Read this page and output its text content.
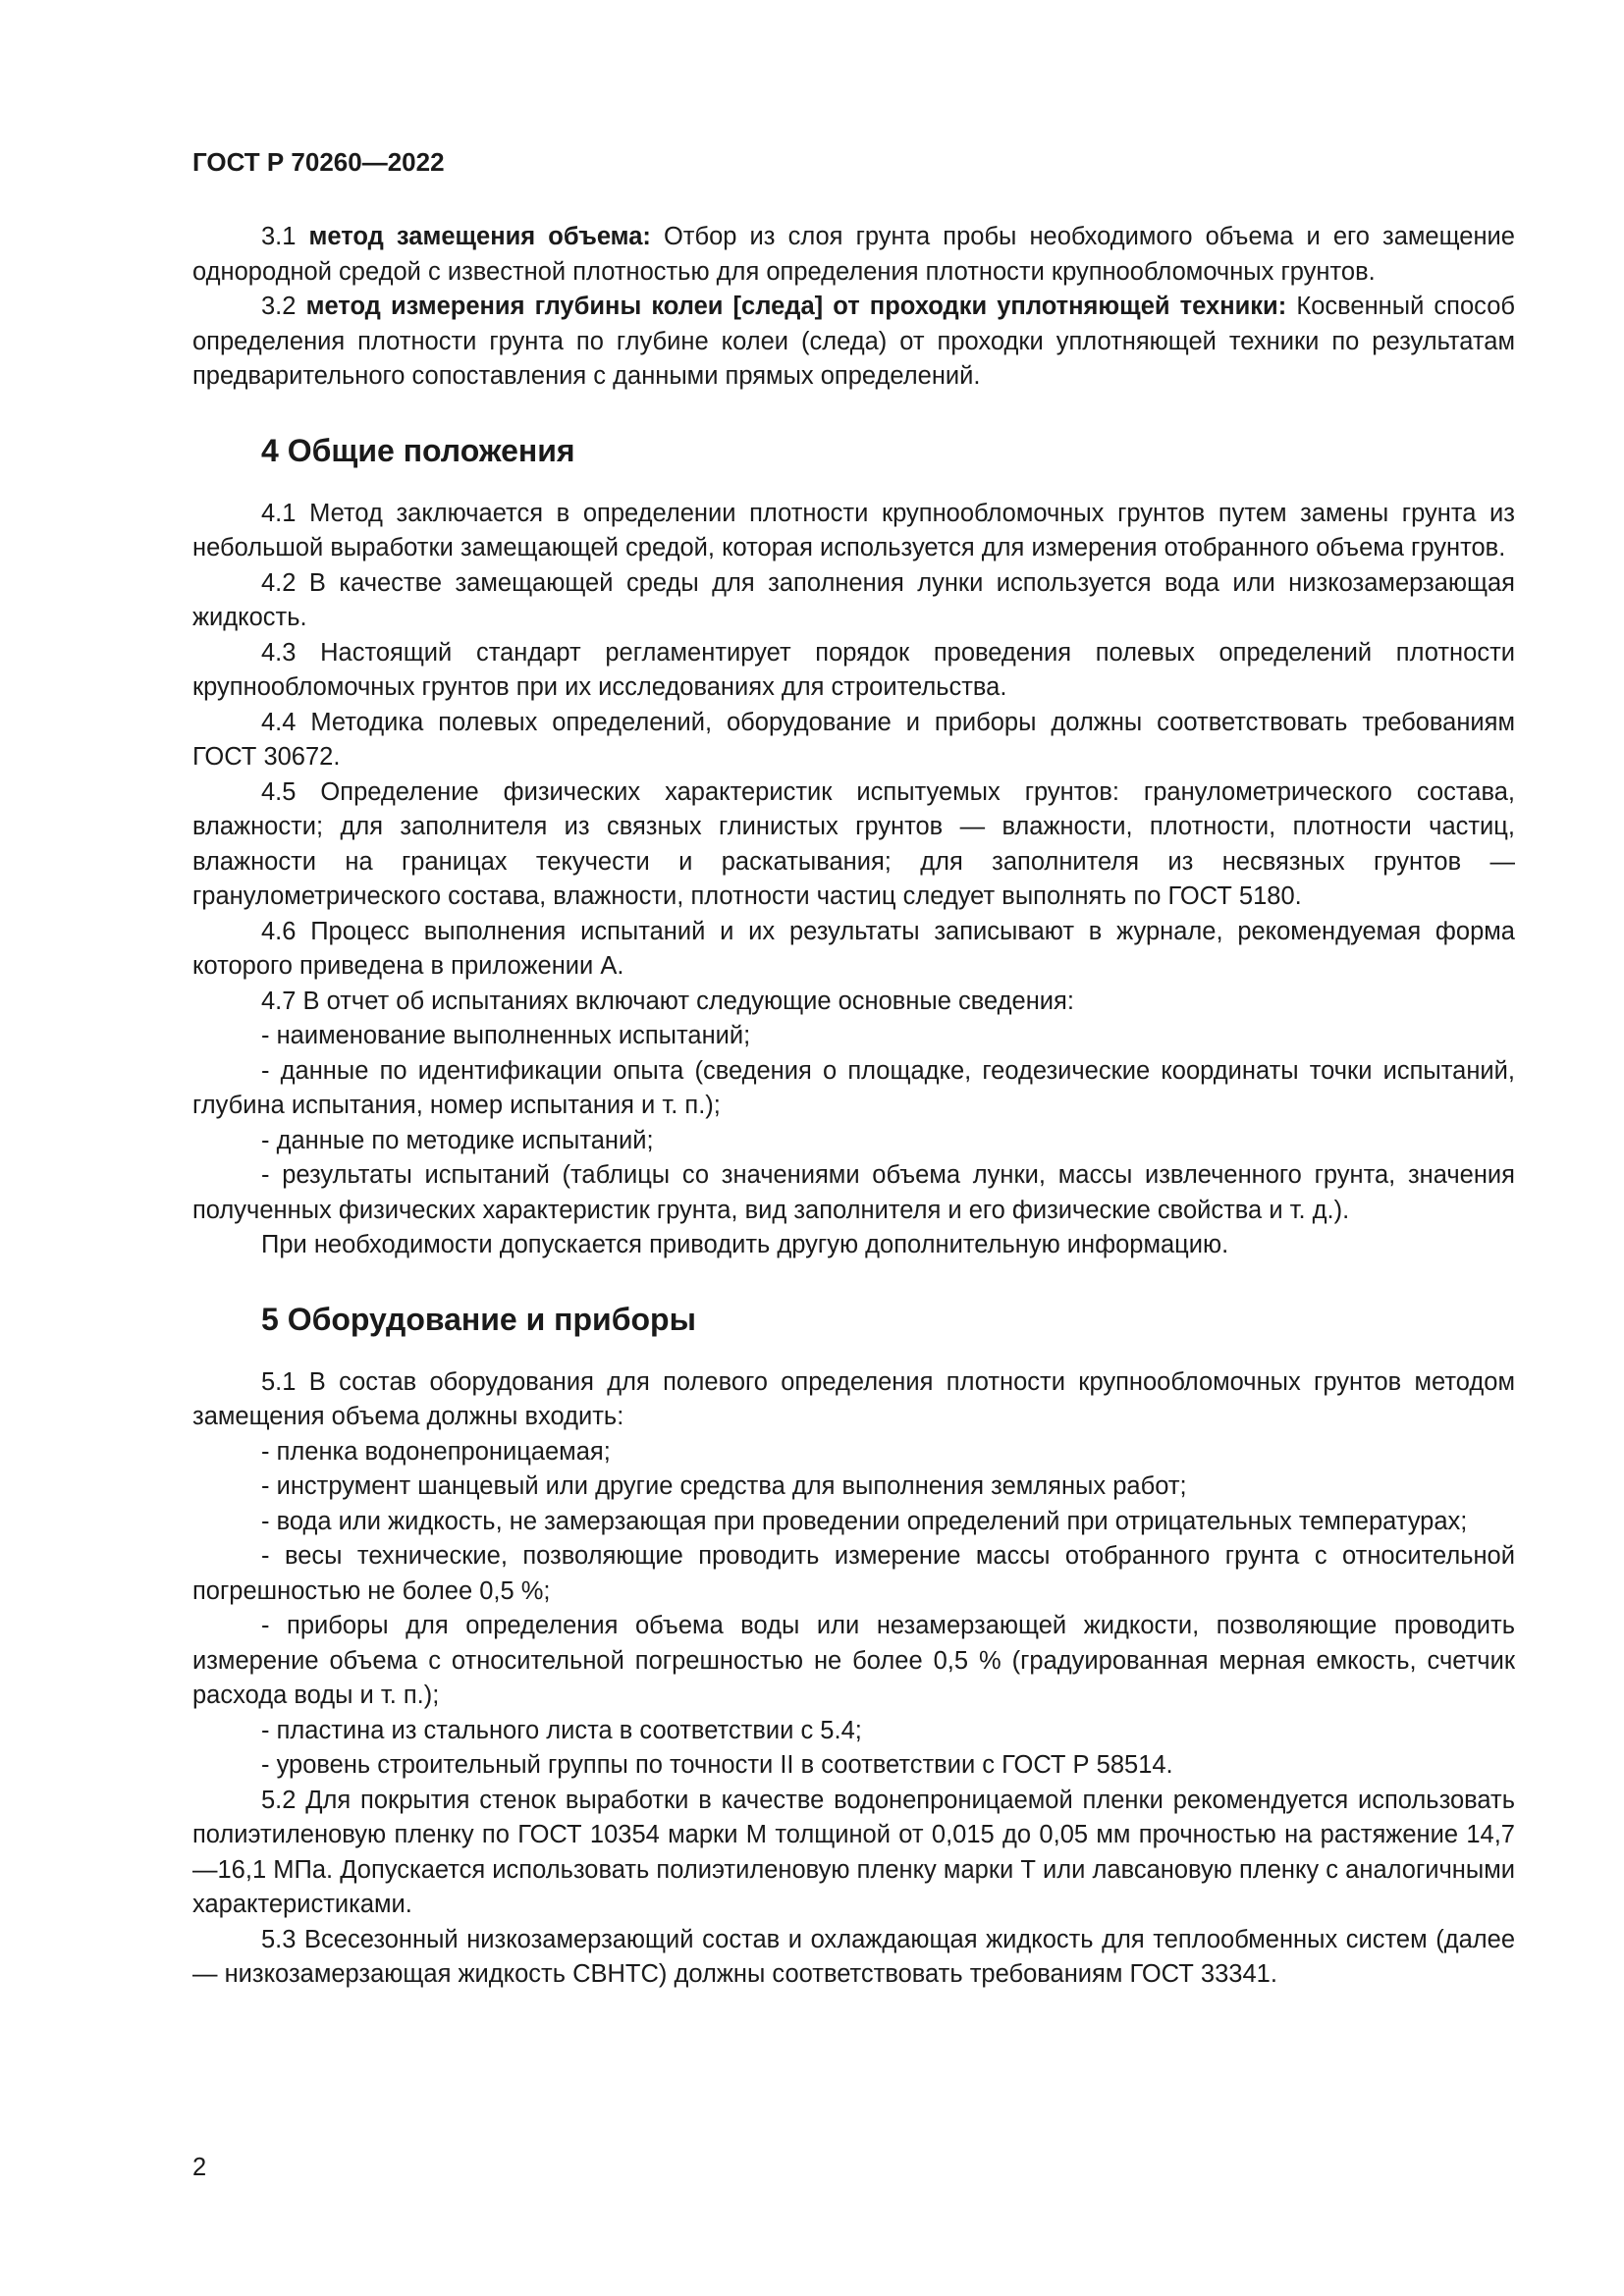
ГОСТ Р 70260—2022

3.1 метод замещения объема: Отбор из слоя грунта пробы необходимого объема и его замещение однородной средой с известной плотностью для определения плотности крупнообломочных грунтов.

3.2 метод измерения глубины колеи [следа] от проходки уплотняющей техники: Косвенный способ определения плотности грунта по глубине колеи (следа) от проходки уплотняющей техники по результатам предварительного сопоставления с данными прямых определений.

4 Общие положения

4.1 Метод заключается в определении плотности крупнообломочных грунтов путем замены грунта из небольшой выработки замещающей средой, которая используется для измерения отобранного объема грунтов.

4.2 В качестве замещающей среды для заполнения лунки используется вода или низкозамерзающая жидкость.

4.3 Настоящий стандарт регламентирует порядок проведения полевых определений плотности крупнообломочных грунтов при их исследованиях для строительства.

4.4 Методика полевых определений, оборудование и приборы должны соответствовать требованиям ГОСТ 30672.

4.5 Определение физических характеристик испытуемых грунтов: гранулометрического состава, влажности; для заполнителя из связных глинистых грунтов — влажности, плотности, плотности частиц, влажности на границах текучести и раскатывания; для заполнителя из несвязных грунтов — гранулометрического состава, влажности, плотности частиц следует выполнять по ГОСТ 5180.

4.6 Процесс выполнения испытаний и их результаты записывают в журнале, рекомендуемая форма которого приведена в приложении А.

4.7 В отчет об испытаниях включают следующие основные сведения:

- наименование выполненных испытаний;

- данные по идентификации опыта (сведения о площадке, геодезические координаты точки испытаний, глубина испытания, номер испытания и т. п.);

- данные по методике испытаний;

- результаты испытаний (таблицы со значениями объема лунки, массы извлеченного грунта, значения полученных физических характеристик грунта, вид заполнителя и его физические свойства и т. д.).

При необходимости допускается приводить другую дополнительную информацию.

5 Оборудование и приборы

5.1 В состав оборудования для полевого определения плотности крупнообломочных грунтов методом замещения объема должны входить:

- пленка водонепроницаемая;

- инструмент шанцевый или другие средства для выполнения земляных работ;

- вода или жидкость, не замерзающая при проведении определений при отрицательных температурах;

- весы технические, позволяющие проводить измерение массы отобранного грунта с относительной погрешностью не более 0,5 %;

- приборы для определения объема воды или незамерзающей жидкости, позволяющие проводить измерение объема с относительной погрешностью не более 0,5 % (градуированная мерная емкость, счетчик расхода воды и т. п.);

- пластина из стального листа в соответствии с 5.4;

- уровень строительный группы по точности II в соответствии с ГОСТ Р 58514.

5.2 Для покрытия стенок выработки в качестве водонепроницаемой пленки рекомендуется использовать полиэтиленовую пленку по ГОСТ 10354 марки М толщиной от 0,015 до 0,05 мм прочностью на растяжение 14,7—16,1 МПа. Допускается использовать полиэтиленовую пленку марки Т или лавсановую пленку с аналогичными характеристиками.

5.3 Всесезонный низкозамерзающий состав и охлаждающая жидкость для теплообменных систем (далее — низкозамерзающая жидкость СВНТС) должны соответствовать требованиям ГОСТ 33341.

2
